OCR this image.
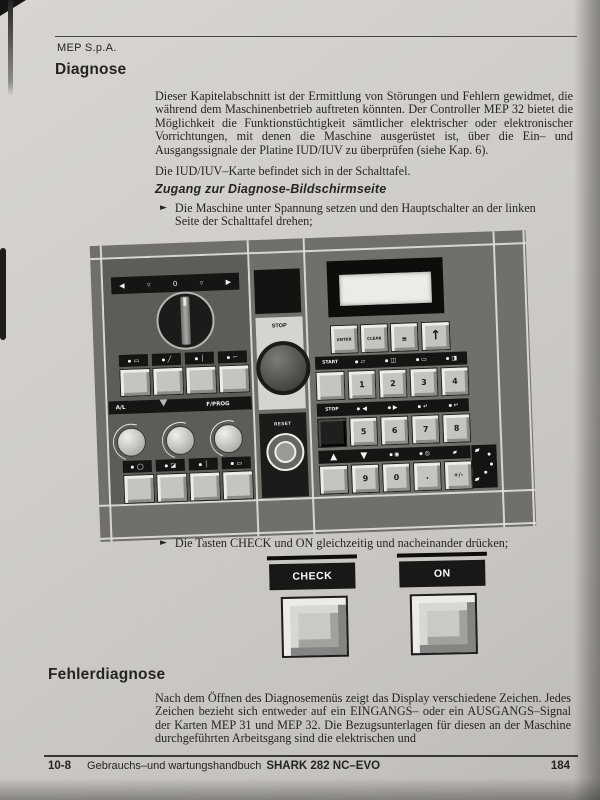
MEP S.p.A.
Diagnose
Dieser Kapitelabschnitt ist der Ermittlung von Störungen und Fehlern gewidmet, die während dem Maschinenbetrieb auftreten könnten. Der Controller MEP 32 bietet die Möglichkeit die Funktionstüchtigkeit sämtlicher elektrischer oder elektronischer Vorrichtungen, mit denen die Maschine ausgerüstet ist, über die Ein– und Ausgangssignale der Platine IUD/IUV zu überprüfen (siehe Kap. 6).
Die IUD/IUV–Karte befindet sich in der Schalttafel.
Zugang zur Diagnose-Bildschirmseite
► Die Maschine unter Spannung setzen und den Hauptschalter an der linken Seite der Schalttafel drehen;
◀	▿	0	▿	▶
▭	╱	│	⌐
A/L
F/PROG
◯	◪	│	▭
STOP
RESET
ENTER	CLEAR	▂ ↑
START	▱	◫	▭	◨
1	2	3	4
STOP	◀	▶	↵	↵
5	6	7	8
▲	▼	◉	◎	▰ ▰
▰
9	0	.	+/-
► Die Tasten CHECK und ON gleichzeitig und nacheinander drücken;
CHECK	ON
Fehlerdiagnose
Nach dem Öffnen des Diagnosemenüs zeigt das Display verschiedene Zeichen. Jedes Zeichen bezieht sich entweder auf ein EINGANGS– oder ein AUSGANGS–Signal der Karten MEP 31 und MEP 32. Die Bezugsunterlagen für diesen an der Maschine durchgeführten Arbeitsgang sind die elektrischen und
10-8 Gebrauchs–und wartungshandbuch SHARK 282 NC–EVO	184
